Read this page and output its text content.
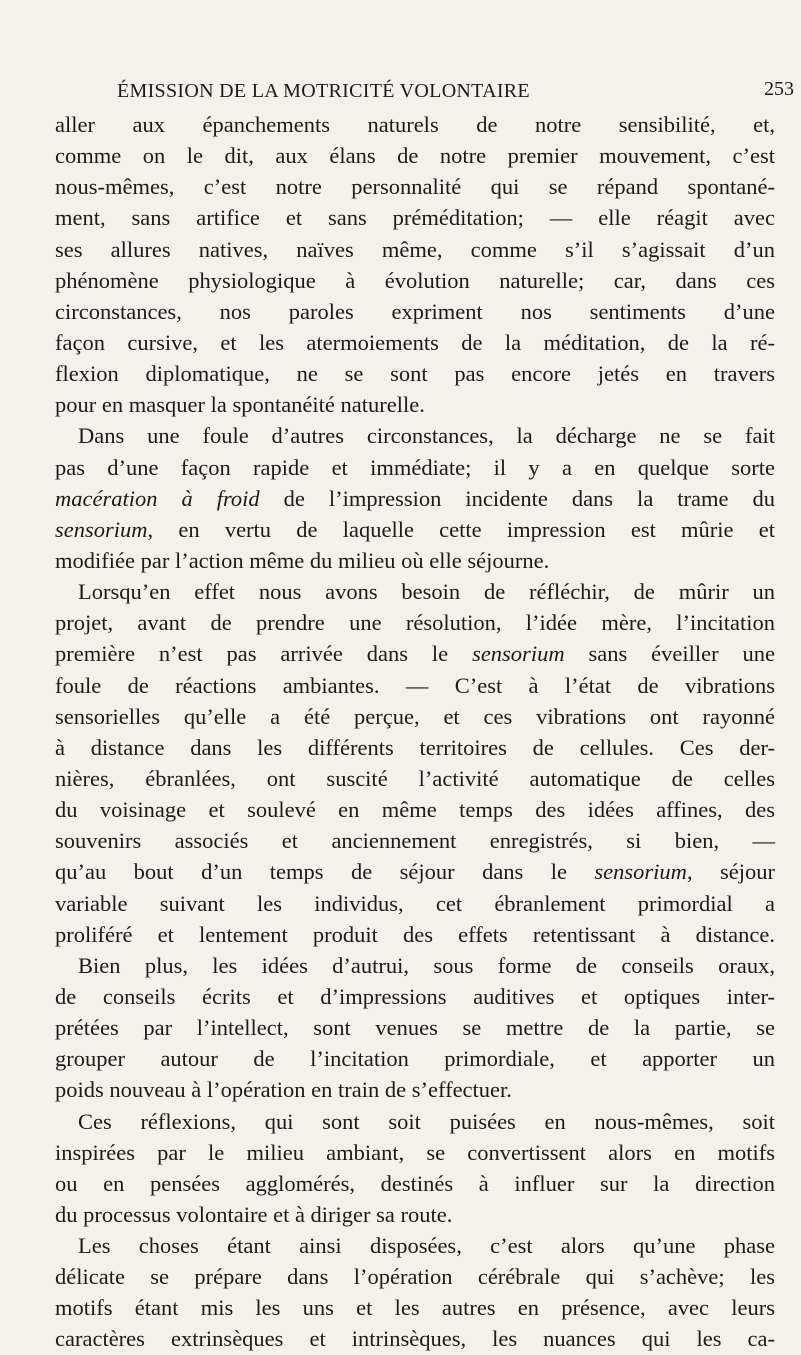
ÉMISSION DE LA MOTRICITÉ VOLONTAIRE	253
aller aux épanchements naturels de notre sensibilité, et,
comme on le dit, aux élans de notre premier mouvement, c’est
nous-mêmes, c’est notre personnalité qui se répand spontané-
ment, sans artifice et sans préméditation; — elle réagit avec
ses allures natives, naïves même, comme s’il s’agissait d’un
phénomène physiologique à évolution naturelle; car, dans ces
circonstances, nos paroles expriment nos sentiments d’une
façon cursive, et les atermoiements de la méditation, de la ré-
flexion diplomatique, ne se sont pas encore jetés en travers
pour en masquer la spontanéité naturelle.
Dans une foule d’autres circonstances, la décharge ne se fait
pas d’une façon rapide et immédiate; il y a en quelque sorte
macération à froid de l’impression incidente dans la trame du
sensorium, en vertu de laquelle cette impression est mûrie et
modifiée par l’action même du milieu où elle séjourne.
Lorsqu’en effet nous avons besoin de réfléchir, de mûrir un
projet, avant de prendre une résolution, l’idée mère, l’incitation
première n’est pas arrivée dans le sensorium sans éveiller une
foule de réactions ambiantes. — C’est à l’état de vibrations
sensorielles qu’elle a été perçue, et ces vibrations ont rayonné
à distance dans les différents territoires de cellules. Ces der-
nières, ébranlées, ont suscité l’activité automatique de celles
du voisinage et soulevé en même temps des idées affines, des
souvenirs associés et anciennement enregistrés, si bien, —
qu’au bout d’un temps de séjour dans le sensorium, séjour
variable suivant les individus, cet ébranlement primordial a
proliféré et lentement produit des effets retentissant à distance.
Bien plus, les idées d’autrui, sous forme de conseils oraux,
de conseils écrits et d’impressions auditives et optiques inter-
prétées par l’intellect, sont venues se mettre de la partie, se
grouper autour de l’incitation primordiale, et apporter un
poids nouveau à l’opération en train de s’effectuer.
Ces réflexions, qui sont soit puisées en nous-mêmes, soit
inspirées par le milieu ambiant, se convertissent alors en motifs
ou en pensées agglomérés, destinés à influer sur la direction
du processus volontaire et à diriger sa route.
Les choses étant ainsi disposées, c’est alors qu’une phase
délicate se prépare dans l’opération cérébrale qui s’achève; les
motifs étant mis les uns et les autres en présence, avec leurs
caractères extrinsèques et intrinsèques, les nuances qui les ca-
